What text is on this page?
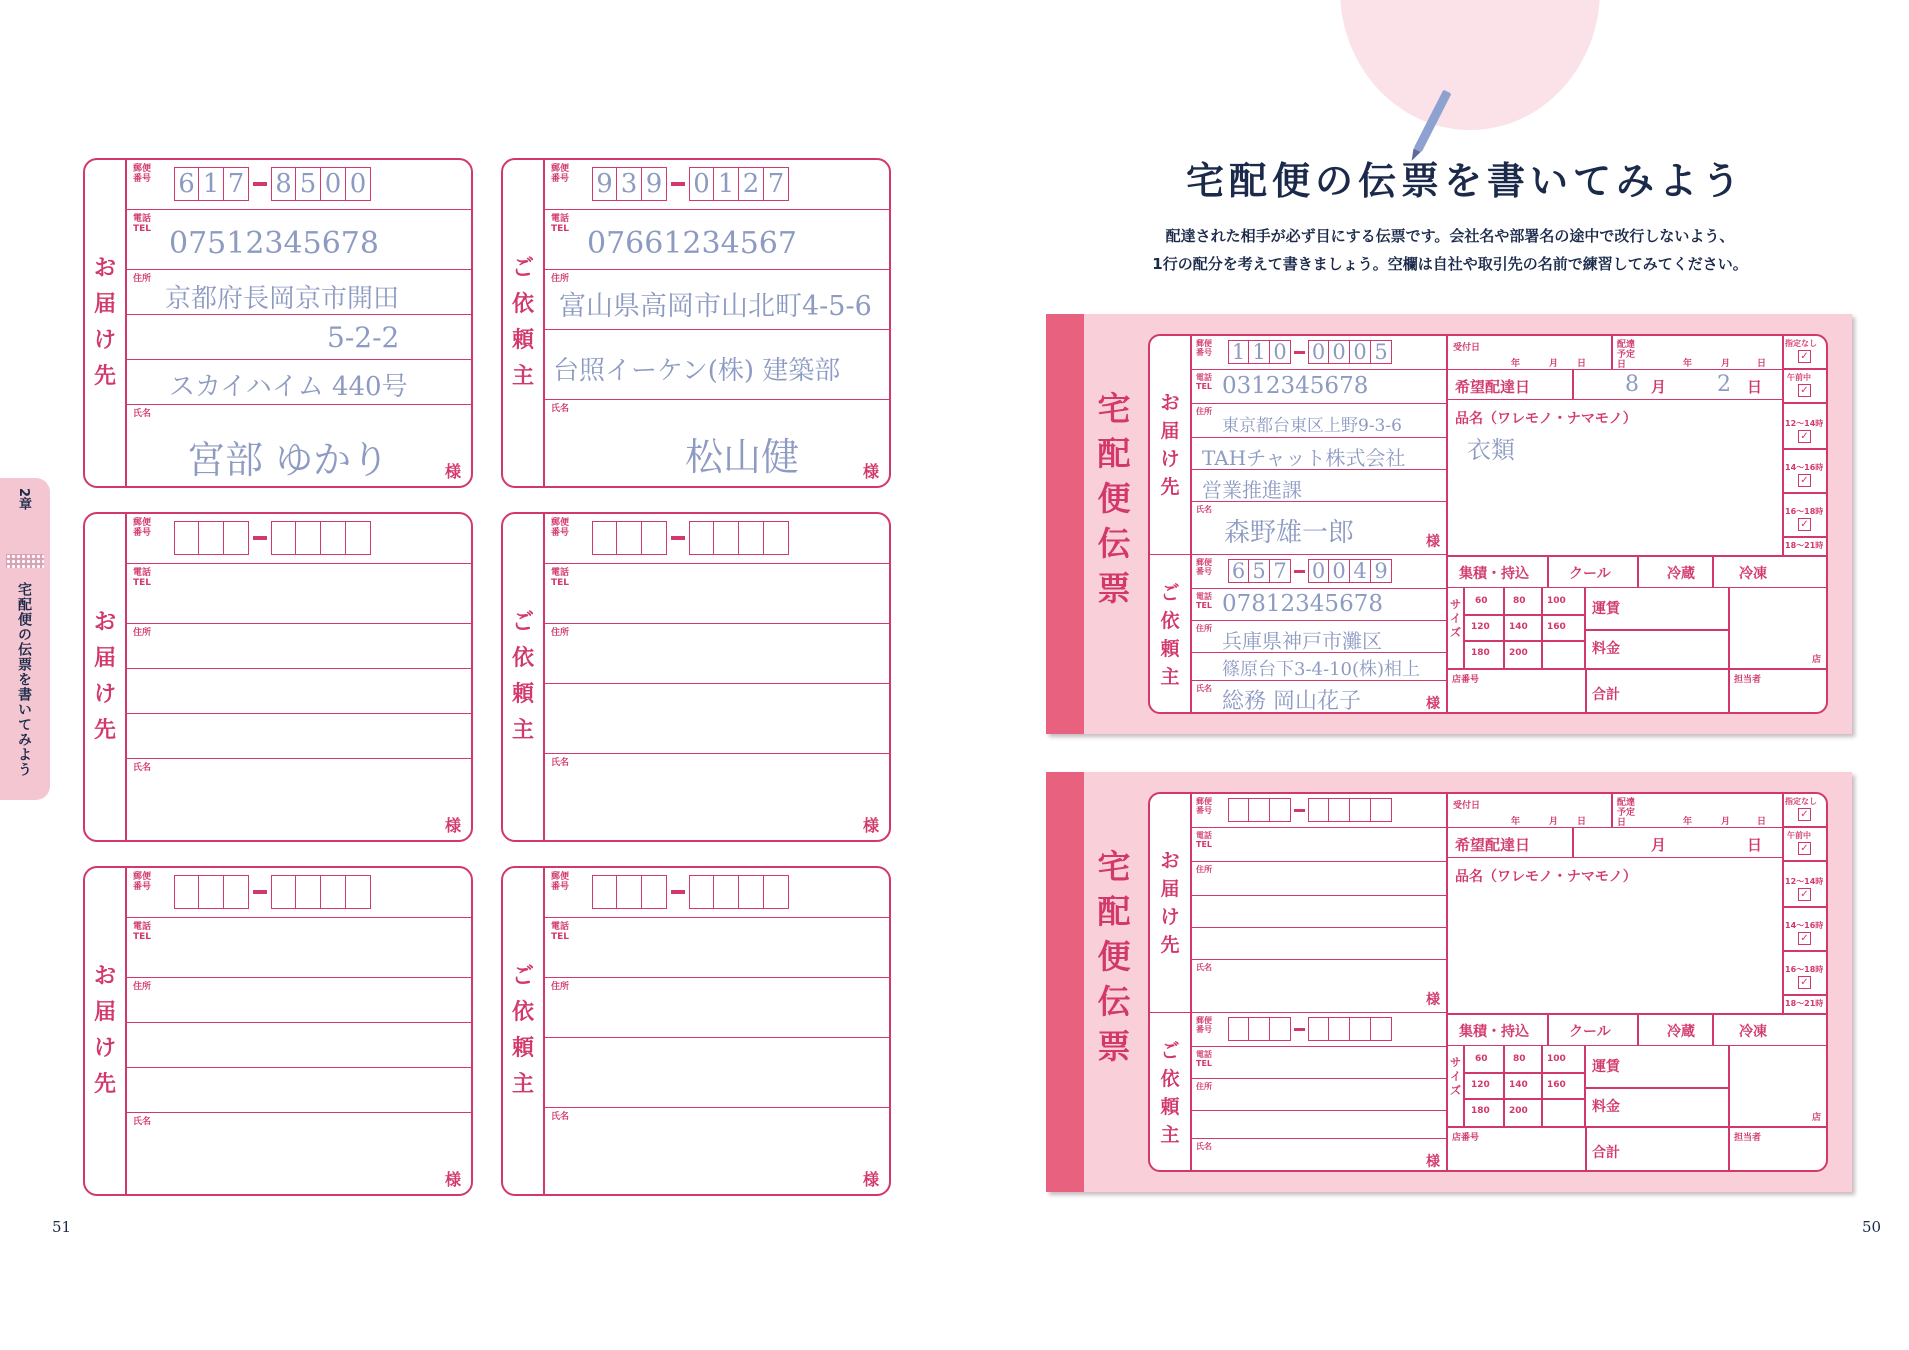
お
届
け
先
郵便番号 6 1 7 8 5 0 0
電話TEL 07512345678
住所
京都府長岡京市開田
5-2-2
スカイハイム 440号
氏名
宮部 ゆかり	様
ご
依
頼
主
郵便番号 9 3 9 0 1 2 7
電話TEL 07661234567
住所
富山県高岡市山北町4-5-6
台照イーケン(株) 建築部
氏名
松山健	様
お
届
け
先
郵便番号
電話TEL
住所
氏名
様
ご
依
頼
主
郵便番号
電話TEL
住所
氏名
様
お
届
け
先
郵便番号
電話TEL
住所
氏名
様
ご
依
頼
主
郵便番号
電話TEL
住所
氏名
様
2章
宅配便の伝票を書いてみよう
51
宅配便の伝票を書いてみよう
配達された相手が必ず目にする伝票です。会社名や部署名の途中で改行しないよう、
1行の配分を考えて書きましょう。空欄は自社や取引先の名前で練習してみてください。
宅
配
便
伝
票
お
届
け
先
ご
依
頼
主
郵便番号 1 1 0 0 0 0 5
電話TEL 0312345678
住所
東京都台東区上野9-3-6
TAHチャット株式会社
営業推進課
氏名
森野雄一郎	様
郵便番号 6 5 7 0 0 4 9
電話TEL 07812345678
住所
兵庫県神戸市灘区
篠原台下3-4-10(株)相上
氏名
総務 岡山花子	様
受付日
年	月 日
配達予定日	年	月	日
希望配達日	8 月 2 日
品名（ワレモノ・ナマモノ）
衣類
集積・持込	クール	冷蔵	冷凍
サ
イ
ズ
60	80 100
120 140 160
180 200
運賃
料金
店
店番号
合計
担当者
指定なし
✓
午前中
✓
12～14時
✓
14～16時
✓
16～18時
✓
18～21時
宅
配
便
伝
票
お
届
け
先
ご
依
頼
主
郵便番号
電話TEL
住所
氏名
様
郵便番号
電話TEL
住所
氏名
様
受付日
年	月 日
配達予定日	年	月	日
希望配達日	月	日
品名（ワレモノ・ナマモノ）
集積・持込	クール	冷蔵	冷凍
サ
イ
ズ
60	80 100
120 140 160
180 200
運賃
料金
店
店番号
合計
担当者
指定なし
✓
午前中
✓
12～14時
✓
14～16時
✓
16～18時
✓
18～21時
50
